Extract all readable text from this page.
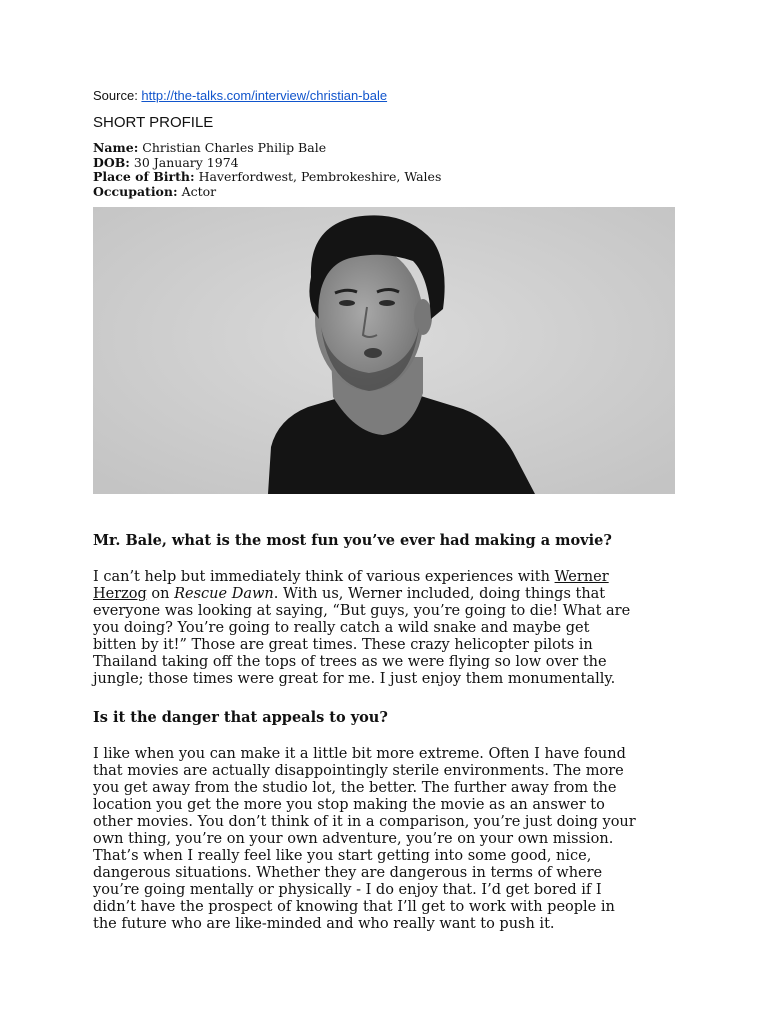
Source: http://the-talks.com/interview/christian-bale
SHORT PROFILE
Name: Christian Charles Philip Bale
DOB: 30 January 1974
Place of Birth: Haverfordwest, Pembrokeshire, Wales
Occupation: Actor

Mr. Bale, what is the most fun you’ve ever had making a movie?

I can’t help but immediately think of various experiences with Werner
Herzog on Rescue Dawn. With us, Werner included, doing things that
everyone was looking at saying, “But guys, you’re going to die! What are
you doing? You’re going to really catch a wild snake and maybe get
bitten by it!” Those are great times. These crazy helicopter pilots in
Thailand taking off the tops of trees as we were flying so low over the
jungle; those times were great for me. I just enjoy them monumentally.

Is it the danger that appeals to you?

I like when you can make it a little bit more extreme. Often I have found
that movies are actually disappointingly sterile environments. The more
you get away from the studio lot, the better. The further away from the
location you get the more you stop making the movie as an answer to
other movies. You don’t think of it in a comparison, you’re just doing your
own thing, you’re on your own adventure, you’re on your own mission.
That’s when I really feel like you start getting into some good, nice,
dangerous situations. Whether they are dangerous in terms of where
you’re going mentally or physically - I do enjoy that. I’d get bored if I
didn’t have the prospect of knowing that I’ll get to work with people in
the future who are like-minded and who really want to push it.
